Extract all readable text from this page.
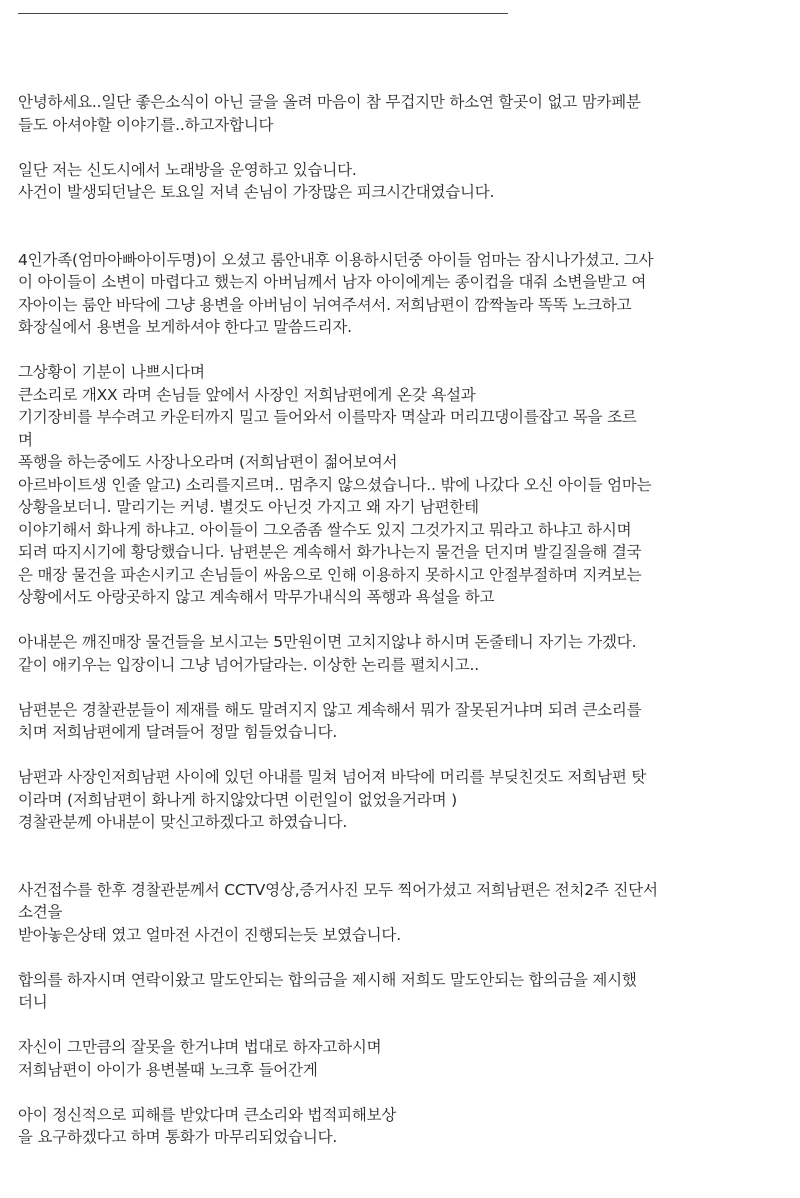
안녕하세요..일단 좋은소식이 아닌 글을 올려 마음이 참 무겁지만 하소연 할곳이 없고 맘카페분
들도 아셔야할 이야기를..하고자합니다
일단 저는 신도시에서 노래방을 운영하고 있습니다.
사건이 발생되던날은 토요일 저녁 손님이 가장많은 피크시간대였습니다.
4인가족(엄마아빠아이두명)이 오셨고 룸안내후 이용하시던중 아이들 엄마는 잠시나가셨고. 그사
이 아이들이 소변이 마렵다고 했는지 아버님께서 남자 아이에게는 종이컵을 대줘 소변을받고 여
자아이는 룸안 바닥에 그냥 용변을 아버님이 뉘여주셔서. 저희남편이 깜짝놀라 똑똑 노크하고
화장실에서 용변을 보게하셔야 한다고 말씀드리자.
그상황이 기분이 나쁘시다며
큰소리로 개XX 라며 손님들 앞에서 사장인 저희남편에게 온갖 욕설과
기기장비를 부수려고 카운터까지 밀고 들어와서 이를막자 멱살과 머리끄댕이를잡고 목을 조르
며
폭행을 하는중에도 사장나오라며 (저희남편이 젊어보여서
아르바이트생 인줄 알고) 소리를지르며.. 멈추지 않으셨습니다.. 밖에 나갔다 오신 아이들 엄마는
상황을보더니. 말리기는 커녕. 별것도 아닌것 가지고 왜 자기 남편한테
이야기해서 화나게 하냐고. 아이들이 그오줌좀 쌀수도 있지 그것가지고 뭐라고 하냐고 하시며
되려 따지시기에 황당했습니다. 남편분은 계속해서 화가나는지 물건을 던지며 발길질을해 결국
은 매장 물건을 파손시키고 손님들이 싸움으로 인해 이용하지 못하시고 안절부절하며 지켜보는
상황에서도 아랑곳하지 않고 계속해서 막무가내식의 폭행과 욕설을 하고
아내분은 깨진매장 물건들을 보시고는 5만원이면 고치지않냐 하시며 돈줄테니 자기는 가겠다.
같이 애키우는 입장이니 그냥 넘어가달라는. 이상한 논리를 펼치시고..
남편분은 경찰관분들이 제재를 해도 말려지지 않고 계속해서 뭐가 잘못된거냐며 되려 큰소리를
치며 저희남편에게 달려들어 정말 힘들었습니다.
남편과 사장인저희남편 사이에 있던 아내를 밀쳐 넘어져 바닥에 머리를 부딪친것도 저희남편 탓
이라며 (저희남편이 화나게 하지않았다면 이런일이 없었을거라며 )
경찰관분께 아내분이 맞신고하겠다고 하였습니다.
사건접수를 한후 경찰관분께서 CCTV영상,증거사진 모두 찍어가셨고 저희남편은 전치2주 진단서
소견을
받아놓은상태 였고 얼마전 사건이 진행되는듯 보였습니다.
합의를 하자시며 연락이왔고 말도안되는 합의금을 제시해 저희도 말도안되는 합의금을 제시했
더니
자신이 그만큼의 잘못을 한거냐며 법대로 하자고하시며
저희남편이 아이가 용변볼때 노크후 들어간게
아이 정신적으로 피해를 받았다며 큰소리와 법적피해보상
을 요구하겠다고 하며 통화가 마무리되었습니다.
